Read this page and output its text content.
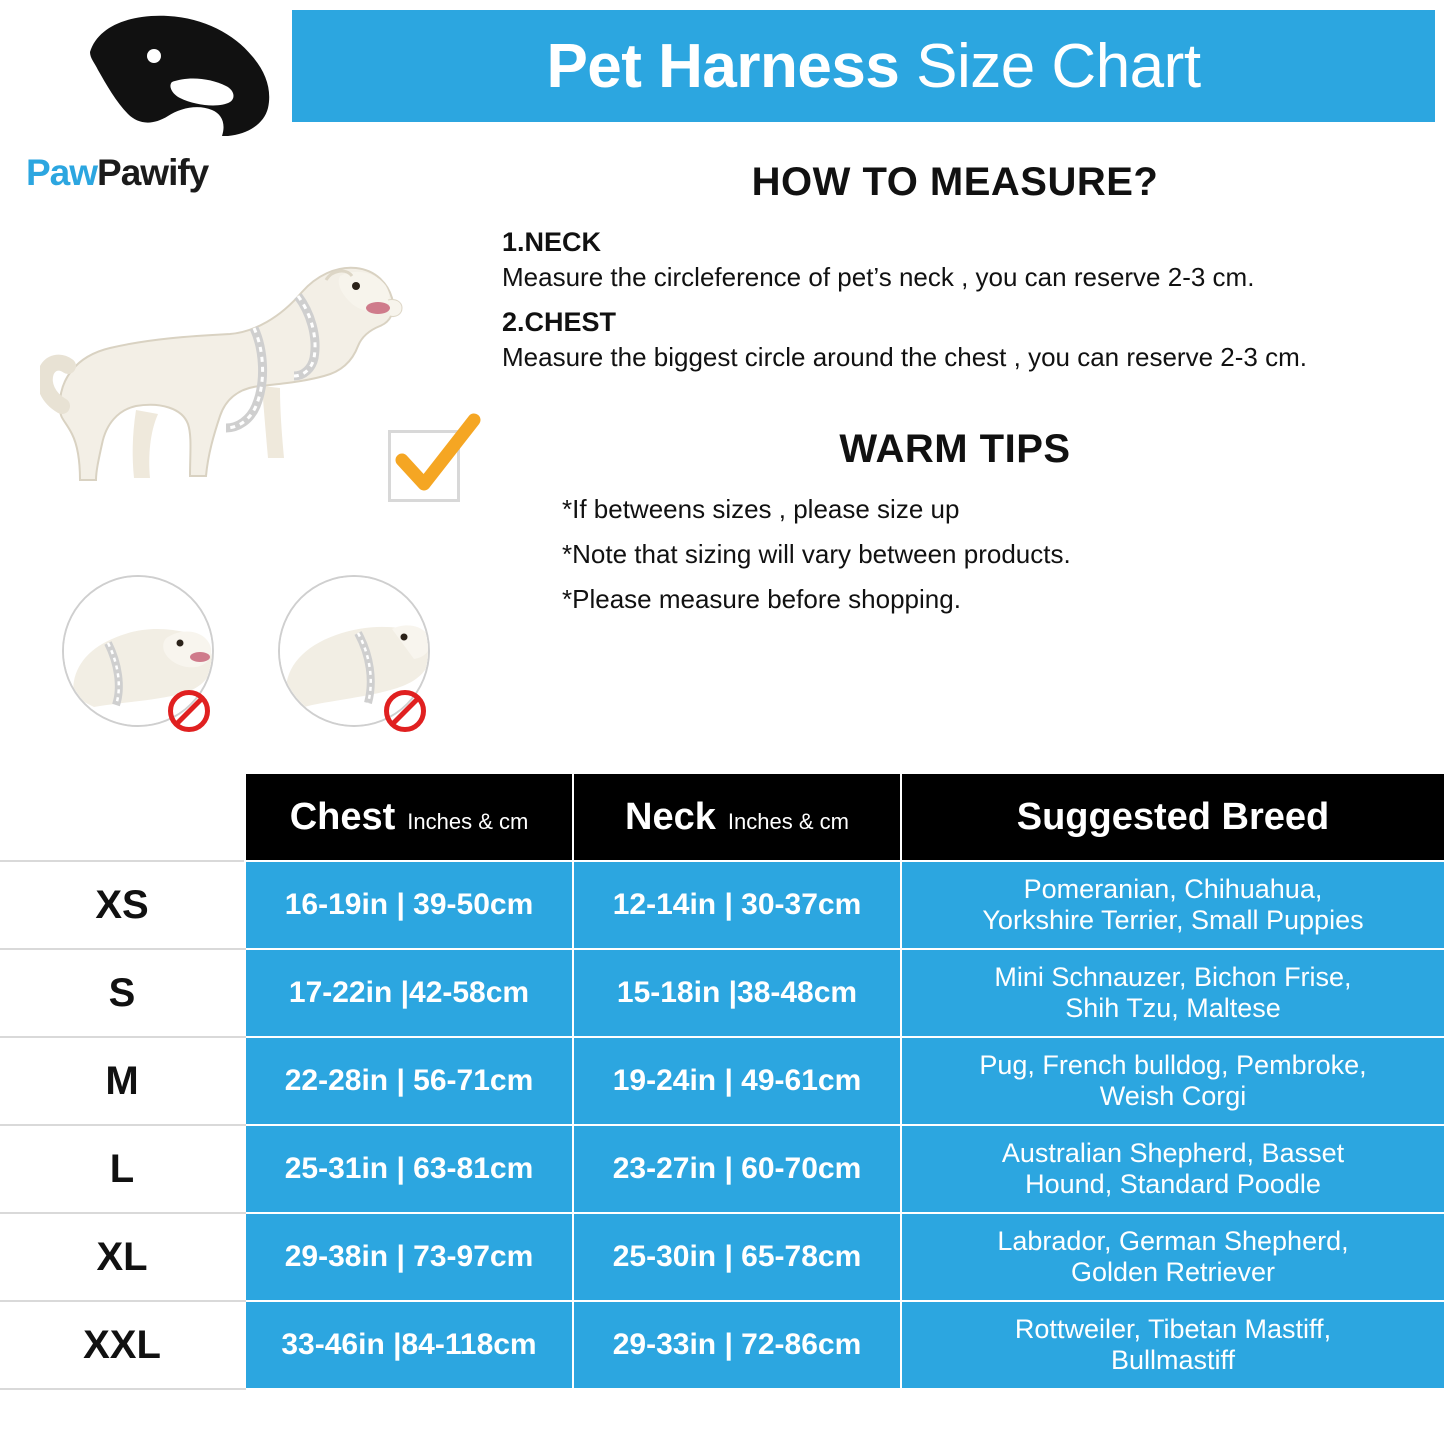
Pet Harness Size Chart
PawPawify	HOW TO MEASURE?
1.NECK
Measure the circleference of pet’s neck , you can reserve 2-3 cm.
2.CHEST
Measure the biggest circle around the chest , you can reserve 2-3 cm.
WARM TIPS
*If betweens sizes , please size up
*Note that sizing will vary between products.
*Please measure before shopping.

	Chest Inches & cm	Neck Inches & cm	Suggested Breed

XS	16-19in | 39-50cm	12-14in | 30-37cm	Pomeranian, Chihuahua,
Yorkshire Terrier, Small Puppies
S	17-22in |42-58cm	15-18in |38-48cm	Mini Schnauzer, Bichon Frise,
Shih Tzu, Maltese
M	22-28in | 56-71cm	19-24in | 49-61cm	Pug, French bulldog, Pembroke,
Weish Corgi
L	25-31in | 63-81cm	23-27in | 60-70cm	Australian Shepherd, Basset
Hound, Standard Poodle
XL	29-38in | 73-97cm	25-30in | 65-78cm	Labrador, German Shepherd,
Golden Retriever
XXL	33-46in |84-118cm	29-33in | 72-86cm	Rottweiler, Tibetan Mastiff,
Bullmastiff
